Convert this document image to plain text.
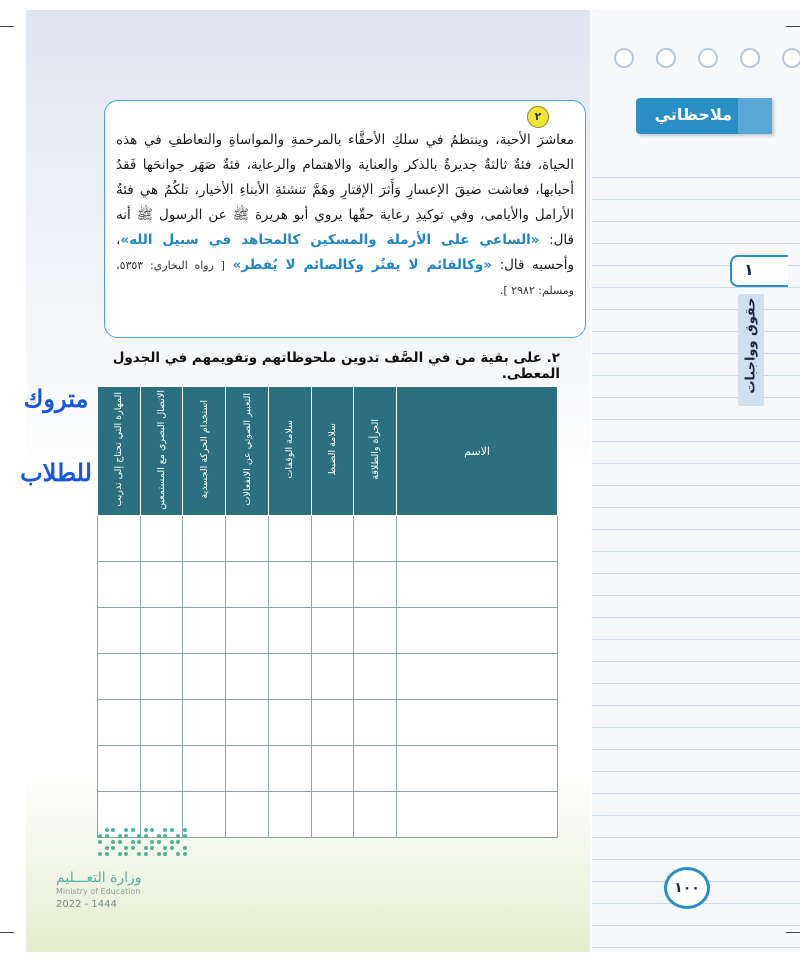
ملاحظاتي
١
حقوق وواجبات
٢
معاشرَ الأحبة، وينتظمُ في سلكِ الأحقَّاء بالمرحمةِ والمواساةِ والتعاطفِ في هذه الحياة، فئةٌ ثالثةٌ جديرةٌ بالذكر والعناية والاهتمام والرعاية، فئةٌ صَهَر جوانحَها فَقدُ أحبابها، فعاشت ضيقَ الإعسارِ وَأَثرَ الإقتارِ وهَمَّ تنشئةِ الأبناءِ الأخيار، تلكُمُ هي فئةُ الأرامل والأيامى، وفي توكيدِ رعاية حقّها يروي أبو هريرة ﷺ عن الرسول ﷺ أنه قال: «الساعي على الأرملة والمسكين كالمجاهد في سبيل الله»، وأحسبه قال: «وكالقائم لا يفتُر وكالصائم لا يُفطر» [ رواه البخاري: ٥٣٥٣، ومسلم: ٢٩٨٢ ].
متروك
للطلاب
٢. على بقية من في الصَّف تدوين ملحوظاتهم وتقويمهم في الجدول المعطى.
الاسم	الجرأة والطلاقة	سلامة الضبط	سلامة الوقفات	التعبير الصوتي عن الانفعالات	استخدام الحركة الجسدية	الاتصال البصري مع المستمعين	المهارة التي تحتاج إلى تدريب

وزارة التعـــليم
Ministry of Education
2022 - 1444
١٠٠
